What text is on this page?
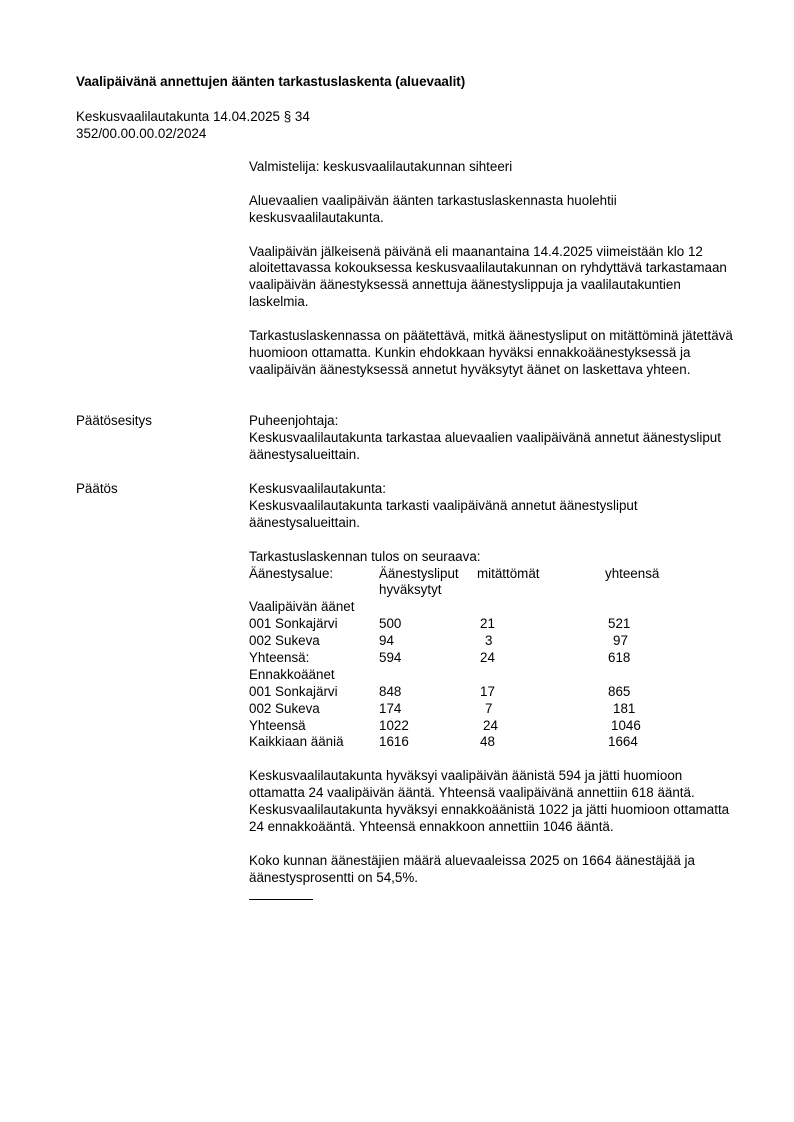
Vaalipäivänä annettujen äänten tarkastuslaskenta (aluevaalit)
Keskusvaalilautakunta 14.04.2025 § 34
352/00.00.00.02/2024

Valmistelija: keskusvaalilautakunnan sihteeri

Aluevaalien vaalipäivän äänten tarkastuslaskennasta huolehtii keskusvaalilautakunta.

Vaalipäivän jälkeisenä päivänä eli maanantaina 14.4.2025 viimeistään klo 12 aloitettavassa kokouksessa keskusvaalilautakunnan on ryhdyttävä tarkastamaan vaalipäivän äänestyksessä annettuja äänestyslippuja ja vaalilautakuntien laskelmia.

Tarkastuslaskennassa on päätettävä, mitkä äänestysliput on mitättöminä jätettävä huomioon ottamatta. Kunkin ehdokkaan hyväksi ennakkoäänestyksessä ja vaalipäivän äänestyksessä annetut hyväksytyt äänet on laskettava yhteen.

Päätösesitys	Puheenjohtaja:
Keskusvaalilautakunta tarkastaa aluevaalien vaalipäivänä annetut äänestysliput äänestysalueittain.
Päätös	Keskusvaalilautakunta:

Keskusvaalilautakunta tarkasti vaalipäivänä annetut äänestysliput äänestysalueittain.

Tarkastuslaskennan tulos on seuraava:
Äänestysalue:	Äänestysliput	mitättömät	yhteensä
hyväksytyt
Vaalipäivän äänet
001 Sonkajärvi	500	21	521
002 Sukeva	94	3	97
Yhteensä:	594	24	618
Ennakkoäänet
001 Sonkajärvi	848	17	865
002 Sukeva	174	7	181
Yhteensä	1022	24	1046
Kaikkiaan ääniä	1616	48	1664

Keskusvaalilautakunta hyväksyi vaalipäivän äänistä 594 ja jätti huomioon ottamatta 24 vaalipäivän ääntä. Yhteensä vaalipäivänä annettiin 618 ääntä.

Keskusvaalilautakunta hyväksyi ennakkoäänistä 1022 ja jätti huomioon ottamatta 24 ennakkoääntä. Yhteensä ennakkoon annettiin 1046 ääntä.

Koko kunnan äänestäjien määrä aluevaaleissa 2025 on 1664 äänestäjää ja äänestysprosentti on 54,5%.
